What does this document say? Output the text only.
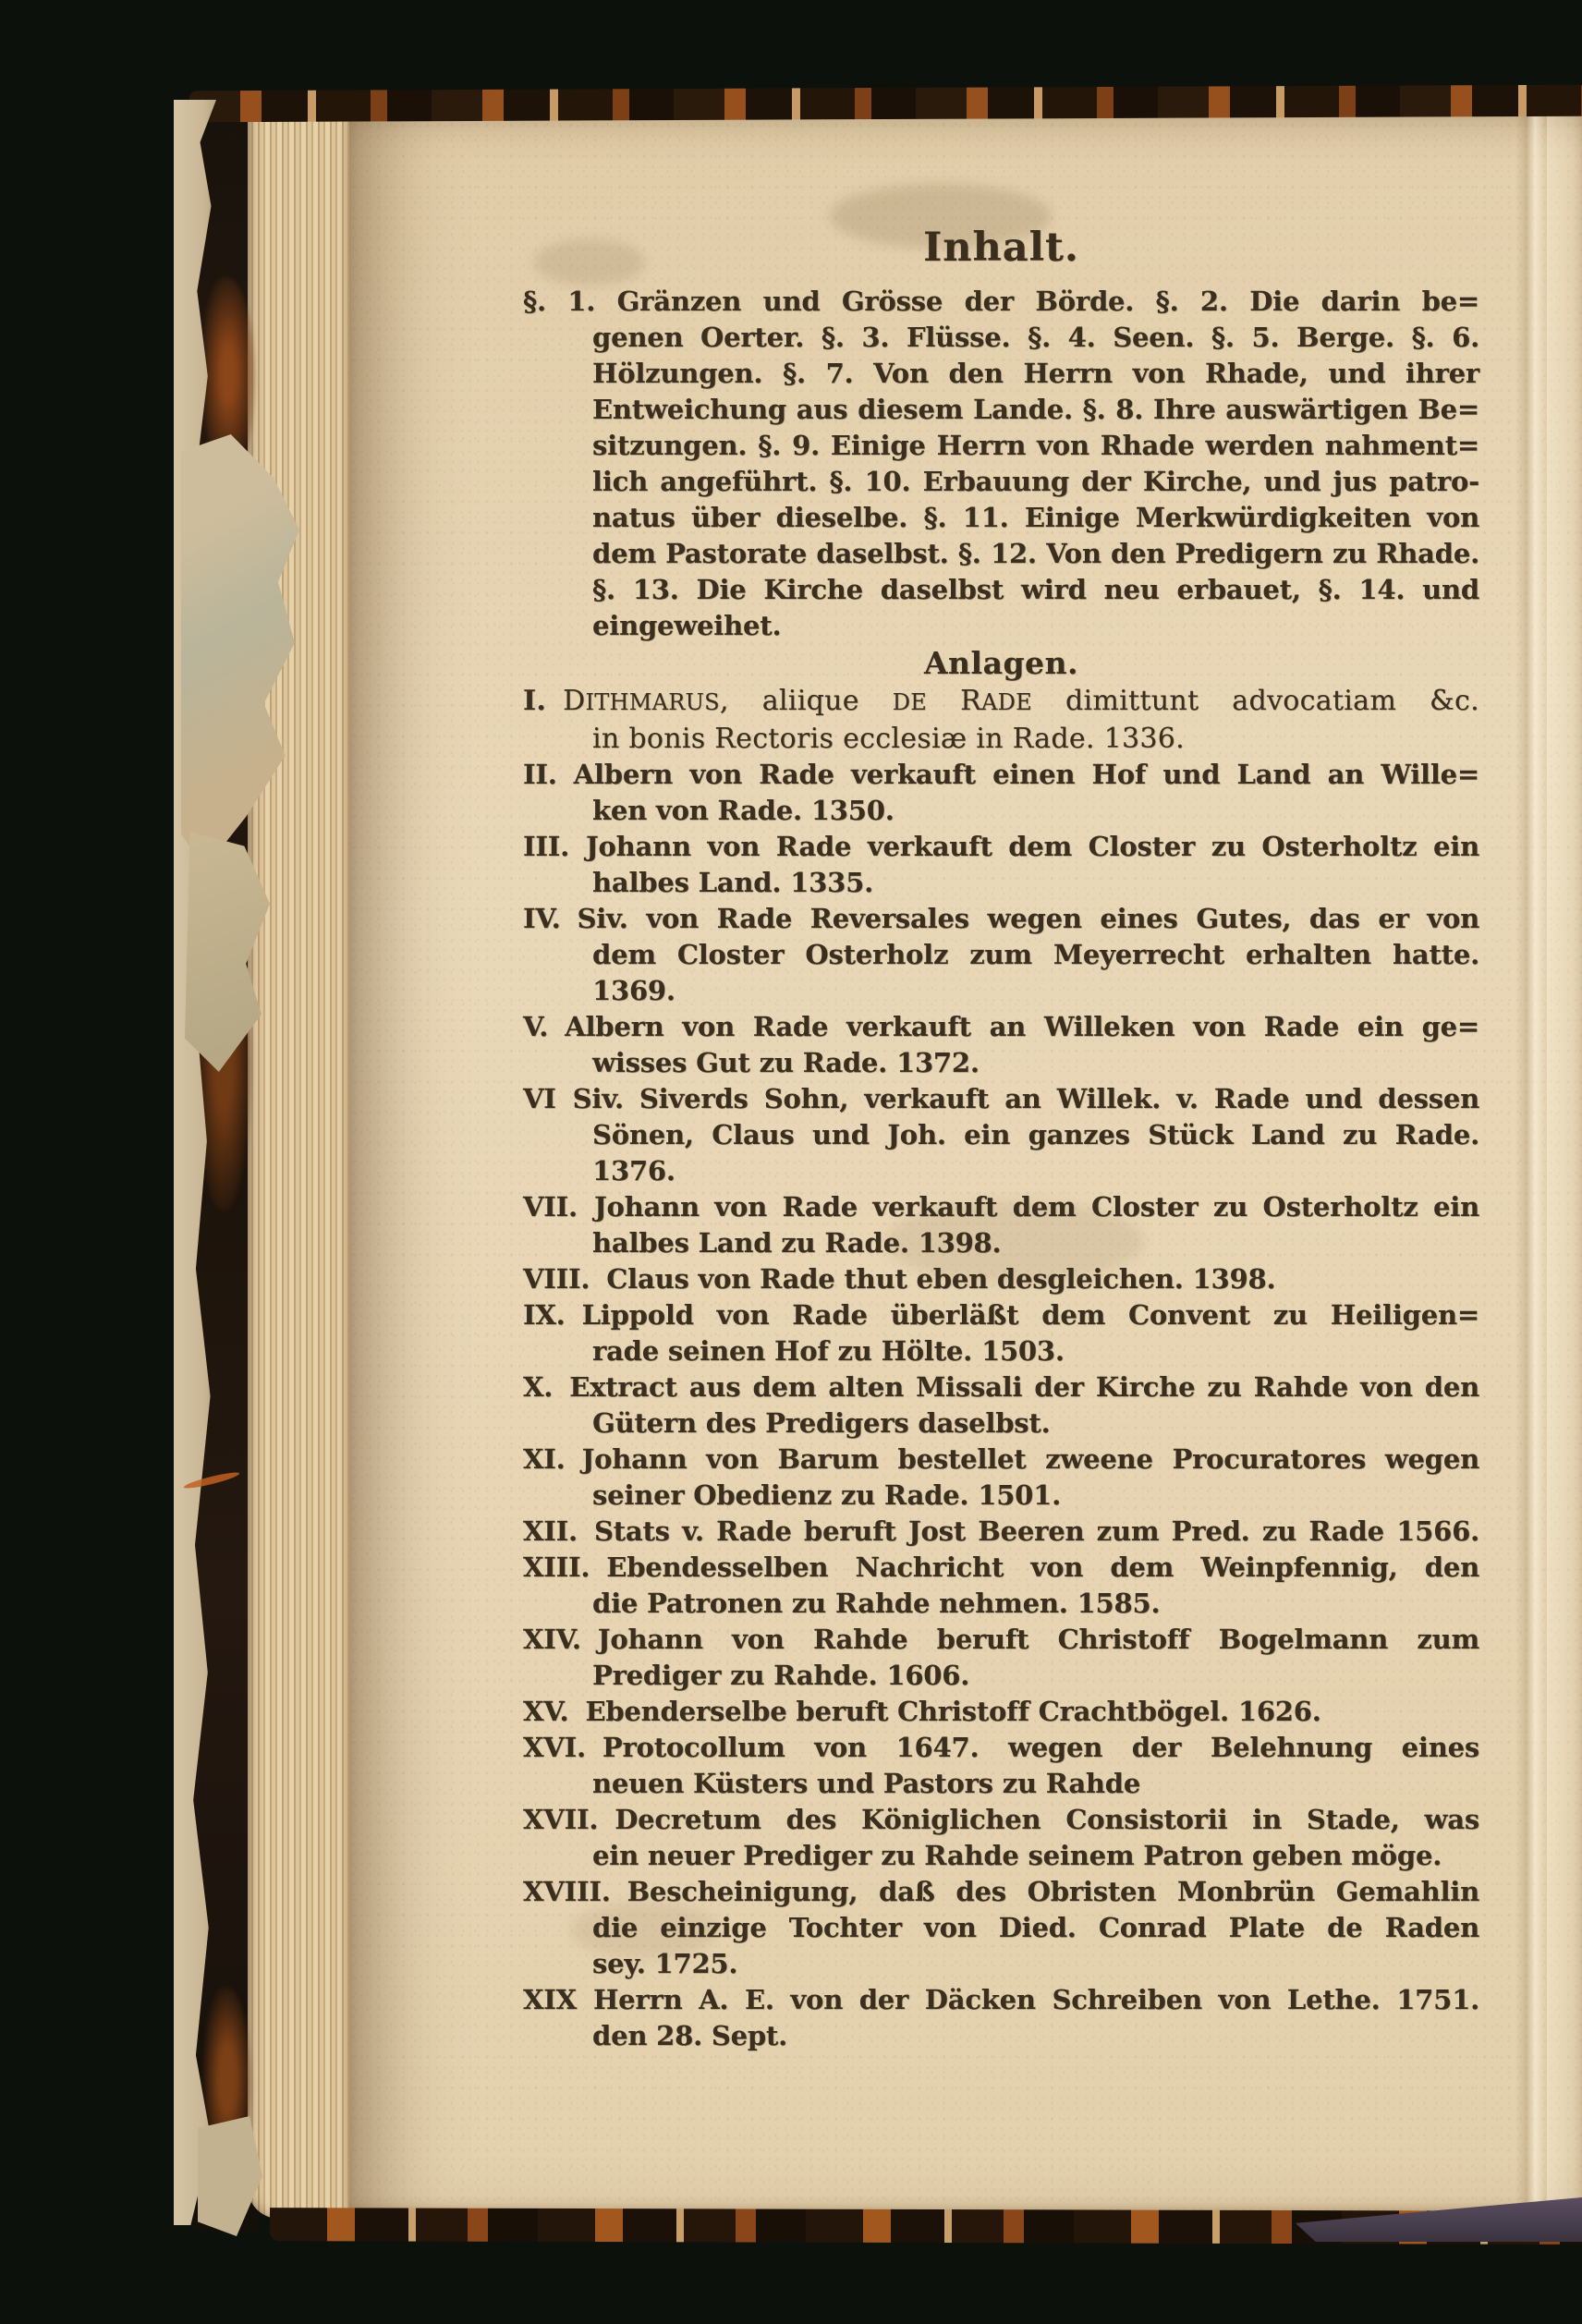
Inhalt.
§. 1. Gränzen und Grösse der Börde. §. 2. Die darin be=
genen Oerter. §. 3. Flüsse. §. 4. Seen. §. 5. Berge. §. 6.
Hölzungen. §. 7. Von den Herrn von Rhade, und ihrer
Entweichung aus diesem Lande. §. 8. Ihre auswärtigen Be=
sitzungen. §. 9. Einige Herrn von Rhade werden nahment=
lich angeführt. §. 10. Erbauung der Kirche, und jus patro-
natus über dieselbe. §. 11. Einige Merkwürdigkeiten von
dem Pastorate daselbst. §. 12. Von den Predigern zu Rhade.
§. 13. Die Kirche daselbst wird neu erbauet, §. 14. und
eingeweihet.
Anlagen.
I. DITHMARUS, aliique DE RADE dimittunt advocatiam &c.
in bonis Rectoris ecclesiæ in Rade. 1336.
II. Albern von Rade verkauft einen Hof und Land an Wille=
ken von Rade. 1350.
III. Johann von Rade verkauft dem Closter zu Osterholtz ein
halbes Land. 1335.
IV. Siv. von Rade Reversales wegen eines Gutes, das er von
dem Closter Osterholz zum Meyerrecht erhalten hatte. 1369.
V. Albern von Rade verkauft an Willeken von Rade ein ge=
wisses Gut zu Rade. 1372.
VI Siv. Siverds Sohn, verkauft an Willek. v. Rade und dessen
Sönen, Claus und Joh. ein ganzes Stück Land zu Rade. 1376.
VII. Johann von Rade verkauft dem Closter zu Osterholtz ein
halbes Land zu Rade. 1398.
VIII. Claus von Rade thut eben desgleichen. 1398.
IX. Lippold von Rade überläßt dem Convent zu Heiligen=
rade seinen Hof zu Hölte. 1503.
X. Extract aus dem alten Missali der Kirche zu Rahde von den
Gütern des Predigers daselbst.
XI. Johann von Barum bestellet zweene Procuratores wegen
seiner Obedienz zu Rade. 1501.
XII. Stats v. Rade beruft Jost Beeren zum Pred. zu Rade 1566.
XIII. Ebendesselben Nachricht von dem Weinpfennig, den
die Patronen zu Rahde nehmen. 1585.
XIV. Johann von Rahde beruft Christoff Bogelmann zum
Prediger zu Rahde. 1606.
XV. Ebenderselbe beruft Christoff Crachtbögel. 1626.
XVI. Protocollum von 1647. wegen der Belehnung eines
neuen Küsters und Pastors zu Rahde
XVII. Decretum des Königlichen Consistorii in Stade, was
ein neuer Prediger zu Rahde seinem Patron geben möge.
XVIII. Bescheinigung, daß des Obristen Monbrün Gemahlin
die einzige Tochter von Died. Conrad Plate de Raden
sey. 1725.
XIX Herrn A. E. von der Däcken Schreiben von Lethe. 1751.
den 28. Sept.
